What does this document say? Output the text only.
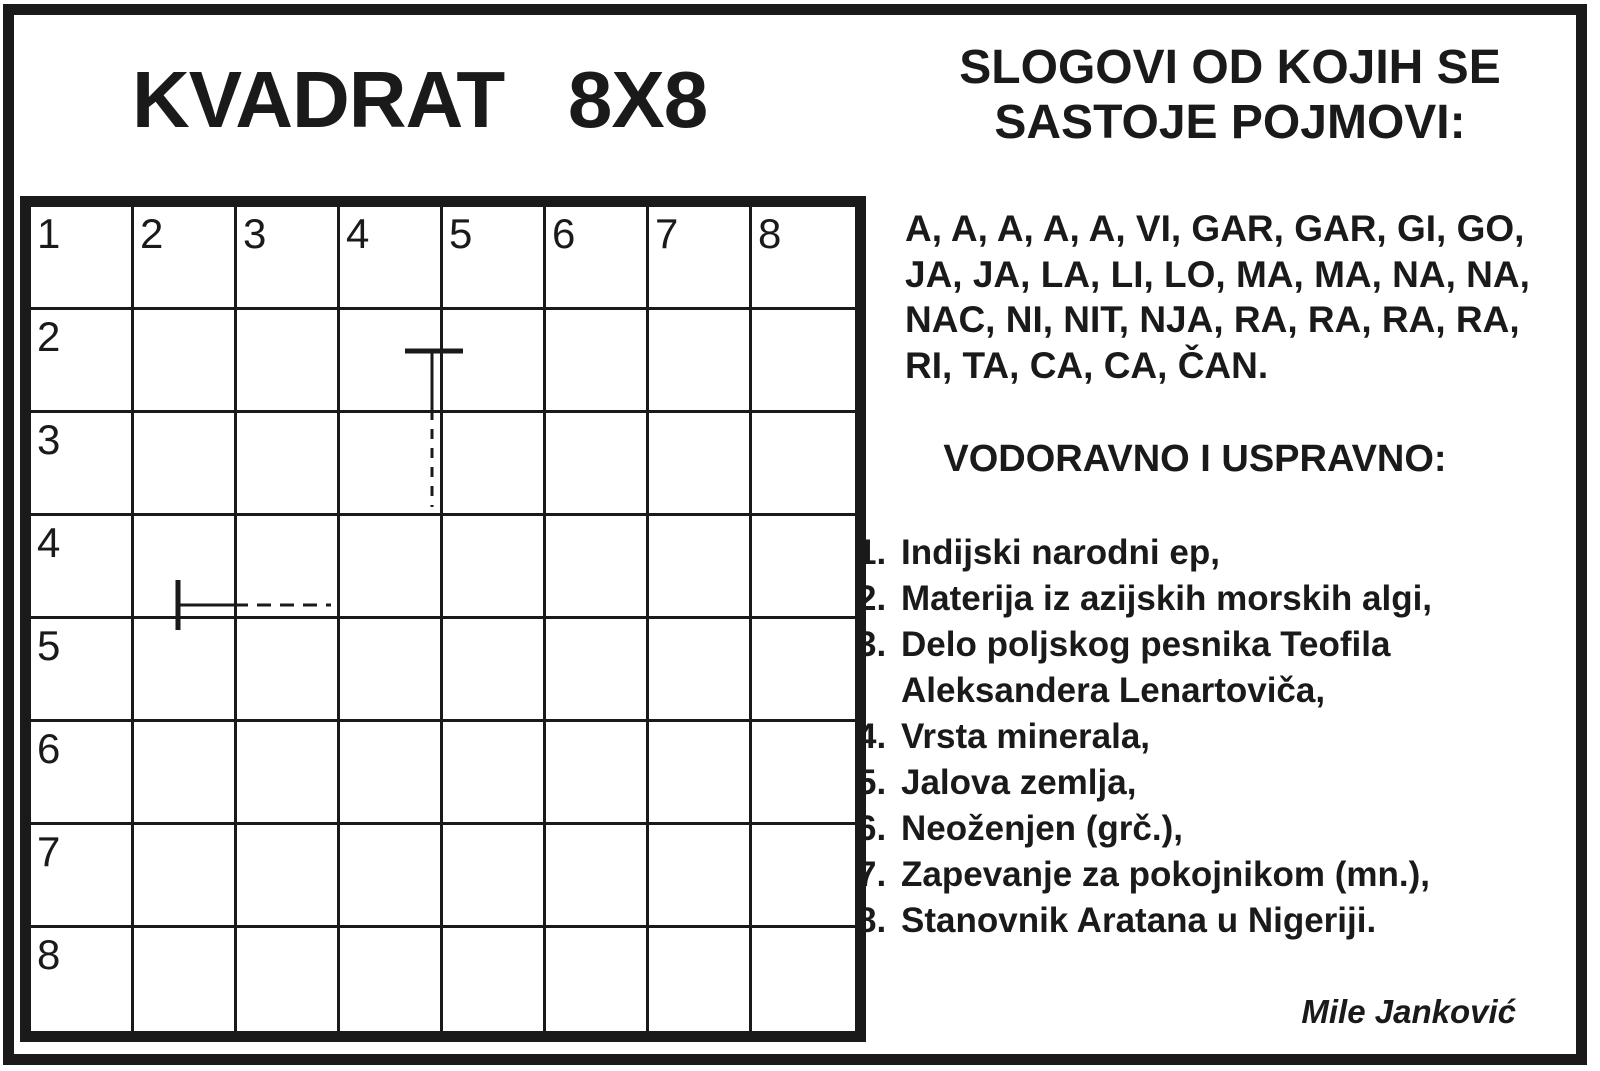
KVADRAT   8X8
1 2 3 4 5 6 7 8
2
3
4
5
6
7
8
SLOGOVI OD KOJIH SE
SASTOJE POJMOVI:
A, A, A, A, A, VI, GAR, GAR, GI, GO,
JA, JA, LA, LI, LO, MA, MA, NA, NA,
NAC, NI, NIT, NJA, RA, RA, RA, RA,
RI, TA, CA, CA, ČAN.
VODORAVNO I USPRAVNO:
1. Indijski narodni ep,
2. Materija iz azijskih morskih algi,
3. Delo poljskog pesnika Teofila
Aleksandera Lenartoviča,
4. Vrsta minerala,
5. Jalova zemlja,
6. Neoženjen (grč.),
7. Zapevanje za pokojnikom (mn.),
8. Stanovnik Aratana u Nigeriji.
Mile Janković
